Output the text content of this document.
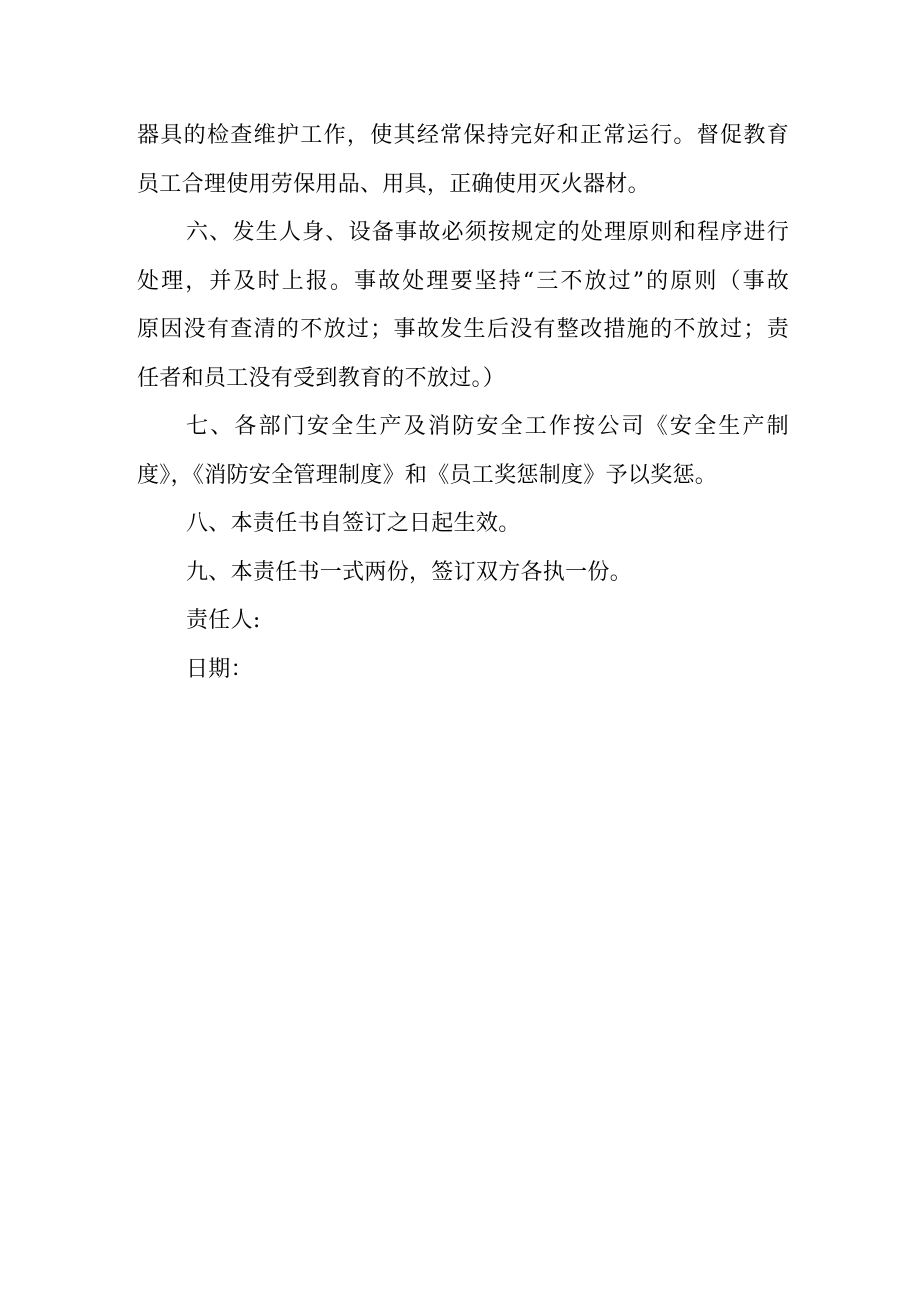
器具的检查维护工作，使其经常保持完好和正常运行。督促教育
员工合理使用劳保用品、用具，正确使用灭火器材。
六、发生人身、设备事故必须按规定的处理原则和程序进行
处理，并及时上报。事故处理要坚持“三不放过”的原则（事故
原因没有查清的不放过；事故发生后没有整改措施的不放过；责
任者和员工没有受到教育的不放过。）
七、各部门安全生产及消防安全工作按公司《安全生产制
度》，《消防安全管理制度》和《员工奖惩制度》予以奖惩。
八、本责任书自签订之日起生效。
九、本责任书一式两份，签订双方各执一份。
责任人:
日期：
